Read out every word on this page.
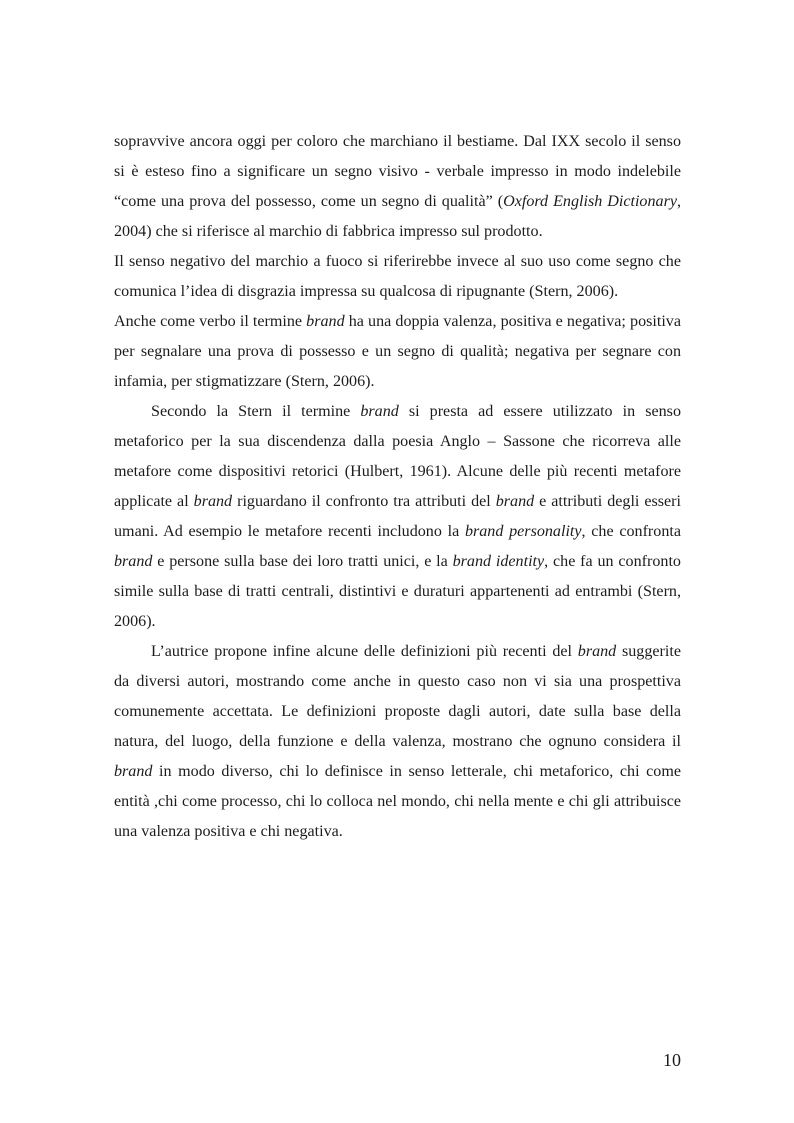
sopravvive ancora oggi per coloro che marchiano il bestiame. Dal IXX secolo il senso si è esteso fino a significare un segno visivo - verbale impresso in modo indelebile “come una prova del possesso, come un segno di qualità” (Oxford English Dictionary, 2004) che si riferisce al marchio di fabbrica impresso sul prodotto.

Il senso negativo del marchio a fuoco si riferirebbe invece al suo uso come segno che comunica l’idea di disgrazia impressa su qualcosa di ripugnante (Stern, 2006).

Anche come verbo il termine brand ha una doppia valenza, positiva e negativa; positiva per segnalare una prova di possesso e un segno di qualità; negativa per segnare con infamia, per stigmatizzare (Stern, 2006).

Secondo la Stern il termine brand si presta ad essere utilizzato in senso metaforico per la sua discendenza dalla poesia Anglo – Sassone che ricorreva alle metafore come dispositivi retorici (Hulbert, 1961). Alcune delle più recenti metafore applicate al brand riguardano il confronto tra attributi del brand e attributi degli esseri umani. Ad esempio le metafore recenti includono la brand personality, che confronta brand e persone sulla base dei loro tratti unici, e la brand identity, che fa un confronto simile sulla base di tratti centrali, distintivi e duraturi appartenenti ad entrambi (Stern, 2006).

L’autrice propone infine alcune delle definizioni più recenti del brand suggerite da diversi autori, mostrando come anche in questo caso non vi sia una prospettiva comunemente accettata. Le definizioni proposte dagli autori, date sulla base della natura, del luogo, della funzione e della valenza, mostrano che ognuno considera il brand in modo diverso, chi lo definisce in senso letterale, chi metaforico, chi come entità ,chi come processo, chi lo colloca nel mondo, chi nella mente e chi gli attribuisce una valenza positiva e chi negativa.

10
